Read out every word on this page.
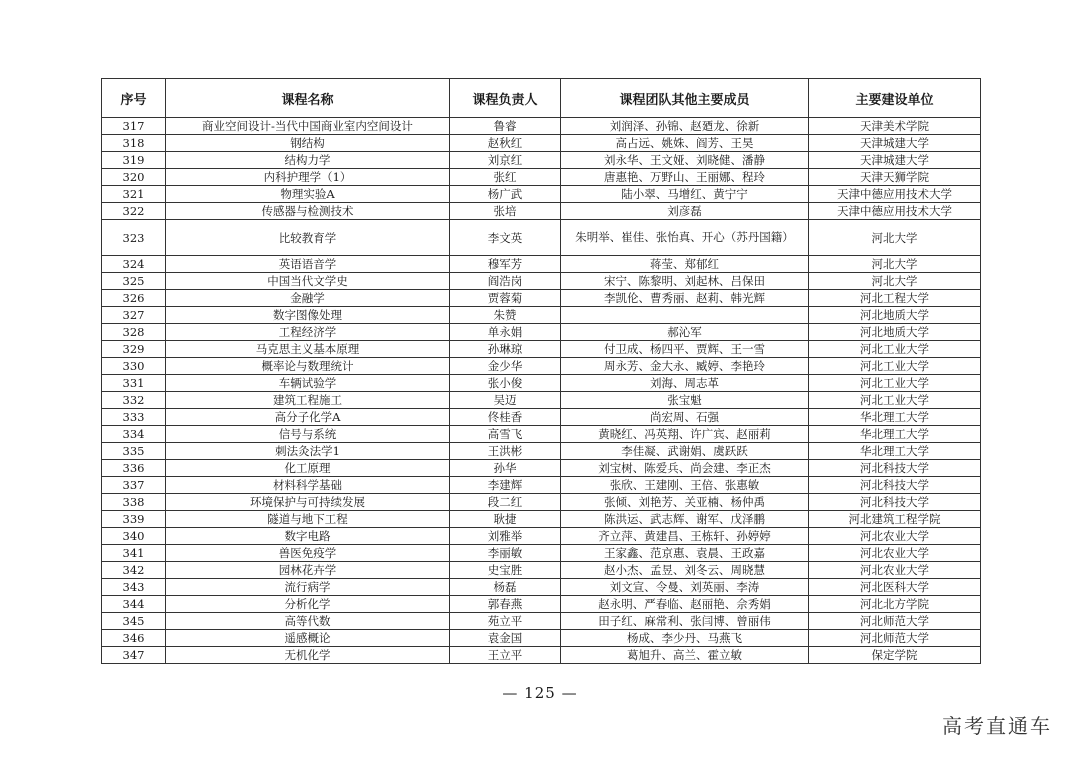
序号	课程名称	课程负责人	课程团队其他主要成员	主要建设单位
317	商业空间设计-当代中国商业室内空间设计	鲁睿	刘润泽、孙锦、赵廼龙、徐新	天津美术学院
318	钢结构	赵秋红	高占远、姚姝、阎芳、王昊	天津城建大学
319	结构力学	刘京红	刘永华、王文娅、刘晓健、潘静	天津城建大学
320	内科护理学（1）	张红	唐惠艳、万野山、王丽娜、程玲	天津天狮学院
321	物理实验A	杨广武	陆小翠、马增红、黄宁宁	天津中德应用技术大学
322	传感器与检测技术	张培	刘彦磊	天津中德应用技术大学
323	比较教育学	李文英	朱明举、崔佳、张怡真、开心（苏丹国籍）	河北大学
324	英语语音学	穆军芳	蒋莹、郑郁红	河北大学
325	中国当代文学史	阎浩岗	宋宁、陈黎明、刘起林、吕保田	河北大学
326	金融学	贾蓉菊	李凯伦、曹秀丽、赵莉、韩光辉	河北工程大学
327	数字图像处理	朱赞		河北地质大学
328	工程经济学	单永娟	郝沁军	河北地质大学
329	马克思主义基本原理	孙琳琼	付卫成、杨四平、贾辉、王一雪	河北工业大学
330	概率论与数理统计	金少华	周永芳、金大永、臧婷、李艳玲	河北工业大学
331	车辆试验学	张小俊	刘海、周志革	河北工业大学
332	建筑工程施工	吴迈	张宝魁	河北工业大学
333	高分子化学A	佟桂香	尚宏周、石强	华北理工大学
334	信号与系统	高雪飞	黄晓红、冯英翔、许广宾、赵丽莉	华北理工大学
335	刺法灸法学1	王洪彬	李佳凝、武谢娟、虞跃跃	华北理工大学
336	化工原理	孙华	刘宝树、陈爱兵、尚会建、李正杰	河北科技大学
337	材料科学基础	李建辉	张欣、王建刚、王倍、张惠敏	河北科技大学
338	环境保护与可持续发展	段二红	张倾、刘艳芳、关亚楠、杨仲禹	河北科技大学
339	隧道与地下工程	耿捷	陈洪运、武志辉、谢军、戊泽鹏	河北建筑工程学院
340	数字电路	刘雅举	齐立萍、黄建昌、王栋轩、孙婷婷	河北农业大学
341	兽医免疫学	李丽敏	王家鑫、范京惠、袁晨、王政嘉	河北农业大学
342	园林花卉学	史宝胜	赵小杰、孟昱、刘冬云、周晓慧	河北农业大学
343	流行病学	杨磊	刘文宣、令曼、刘英丽、李涛	河北医科大学
344	分析化学	郭春燕	赵永明、严春临、赵丽艳、佘秀娟	河北北方学院
345	高等代数	苑立平	田子红、麻常利、张闫博、曾丽伟	河北师范大学
346	遥感概论	袁金国	杨成、李少丹、马燕飞	河北师范大学
347	无机化学	王立平	葛旭升、高兰、霍立敏	保定学院
— 125 —
高考直通车
